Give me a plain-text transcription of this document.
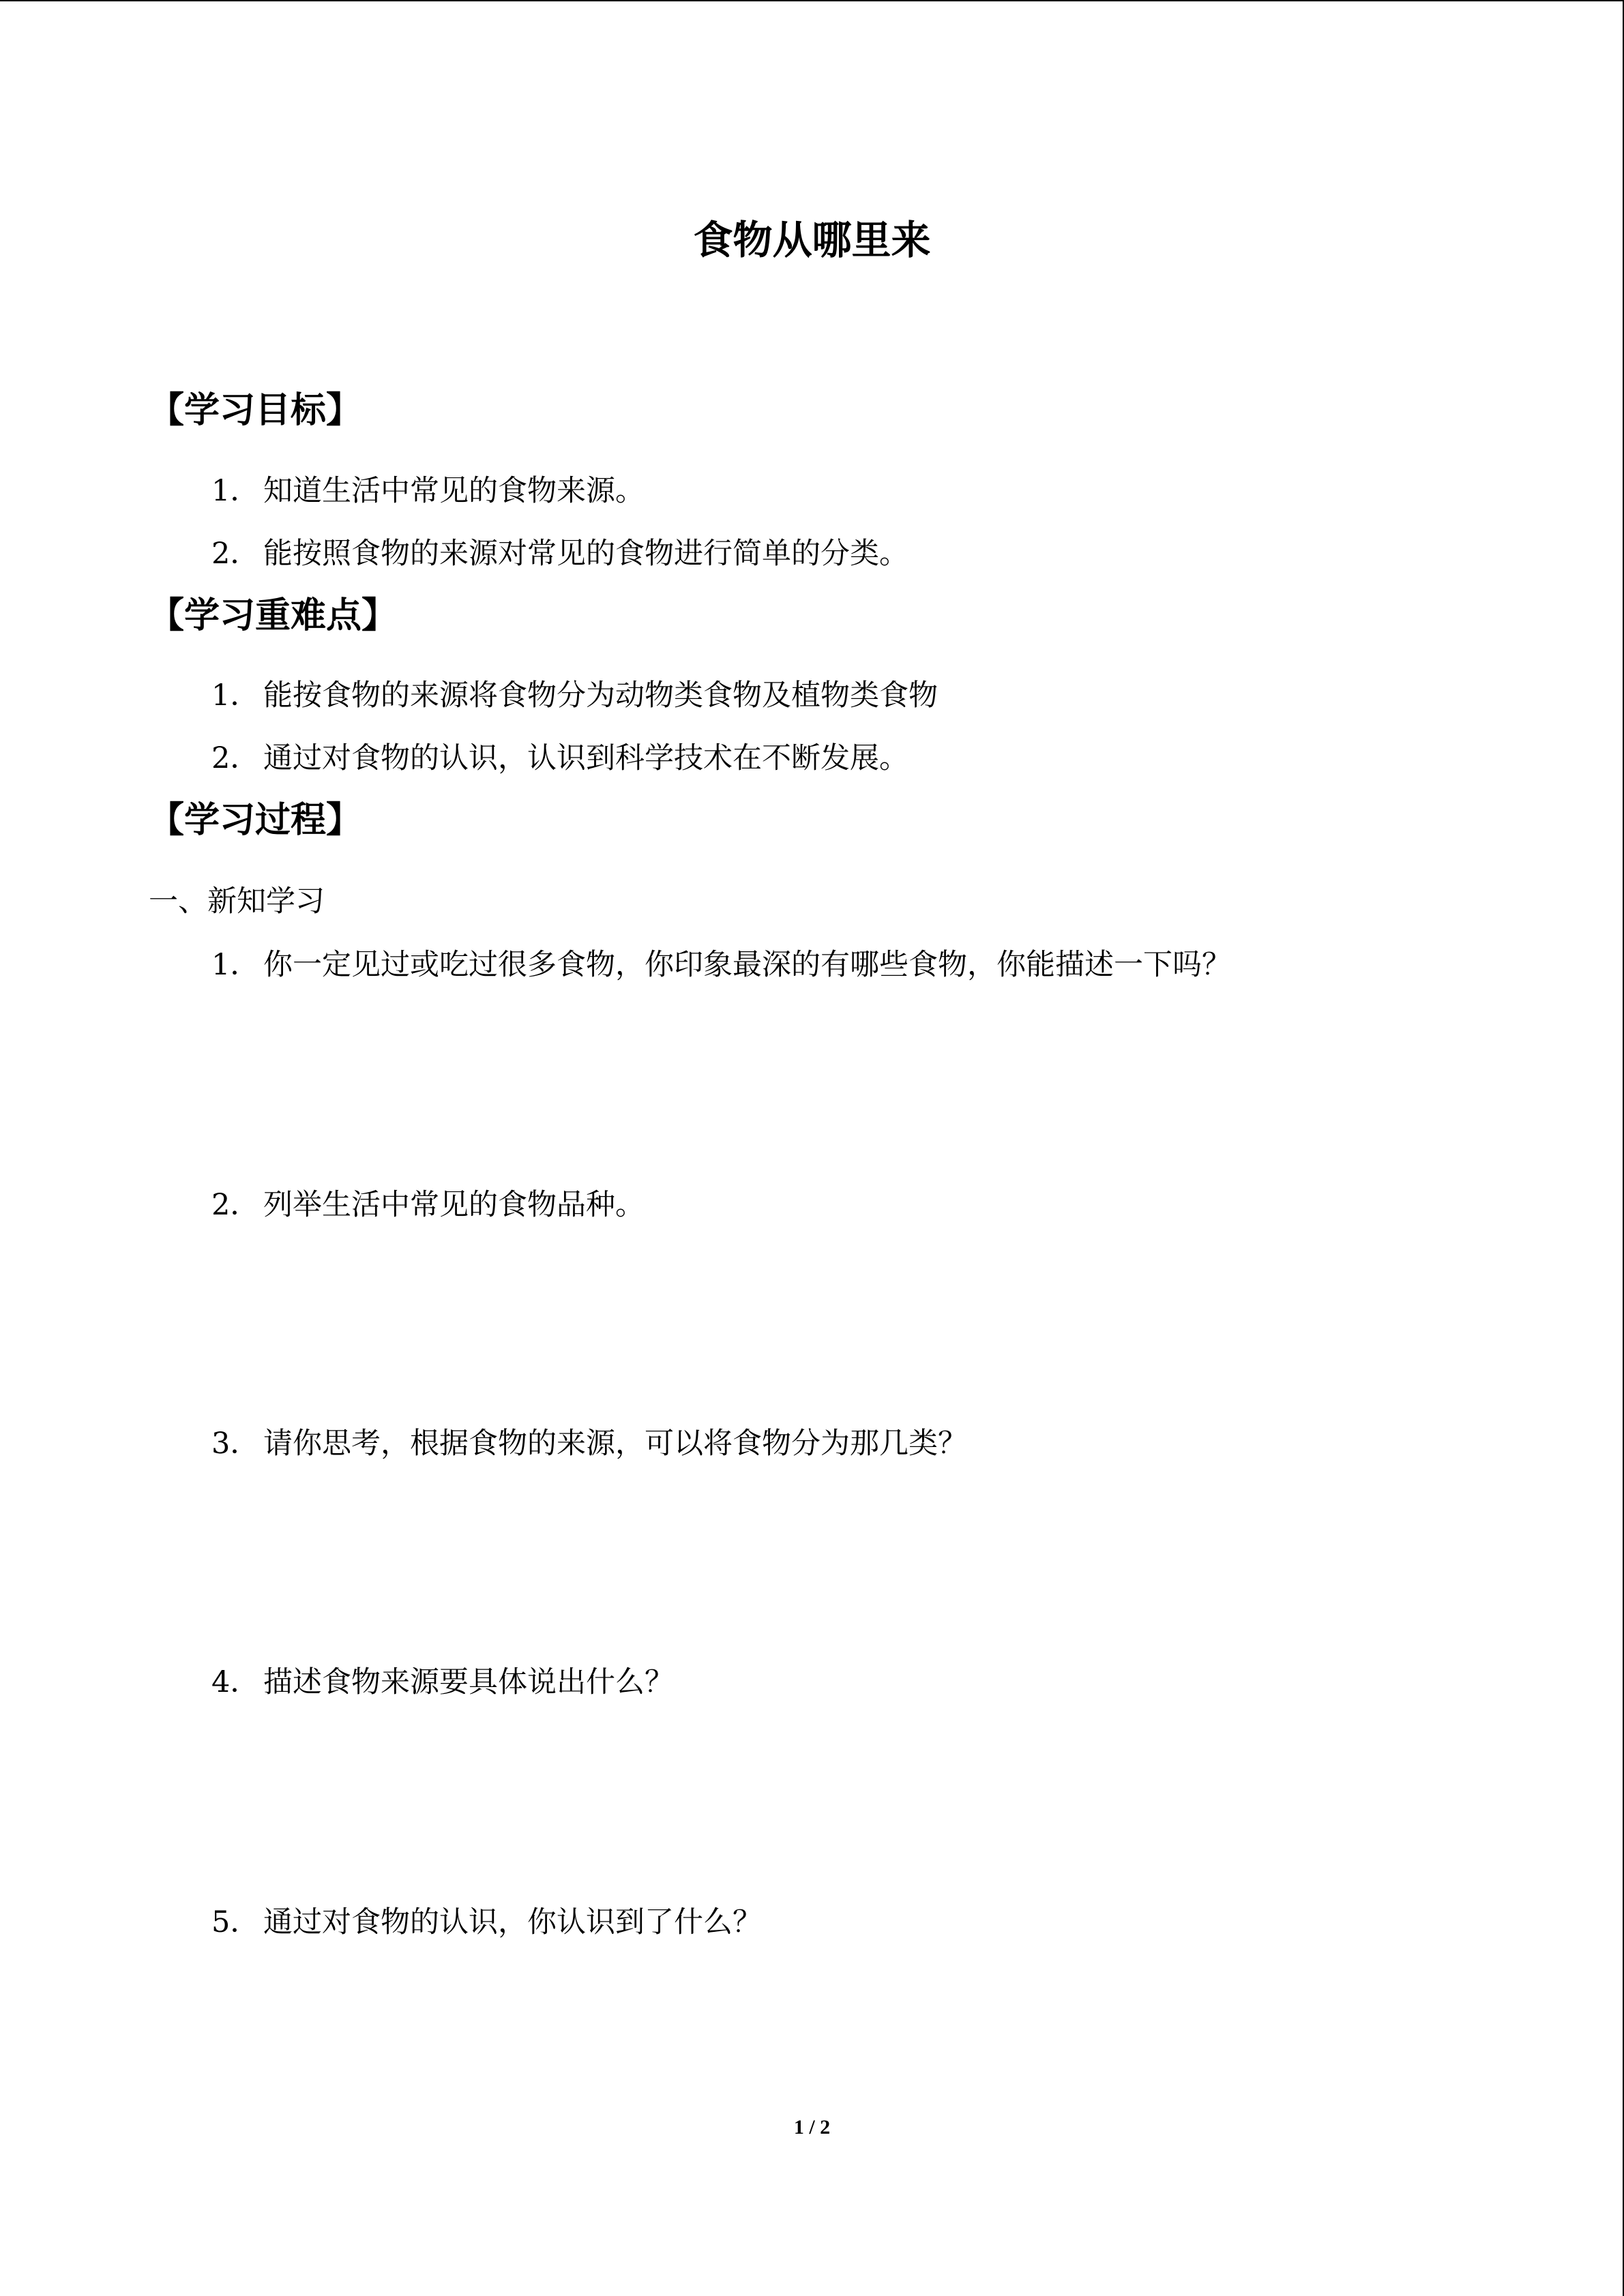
食物从哪里来
【学习目标】
1． 知道生活中常见的食物来源。
2． 能按照食物的来源对常见的食物进行简单的分类。
【学习重难点】
1． 能按食物的来源将食物分为动物类食物及植物类食物
2． 通过对食物的认识，认识到科学技术在不断发展。
【学习过程】
一、新知学习
1． 你一定见过或吃过很多食物，你印象最深的有哪些食物，你能描述一下吗？
2． 列举生活中常见的食物品种。
3． 请你思考，根据食物的来源，可以将食物分为那几类？
4． 描述食物来源要具体说出什么？
5． 通过对食物的认识，你认识到了什么？
1 / 2
